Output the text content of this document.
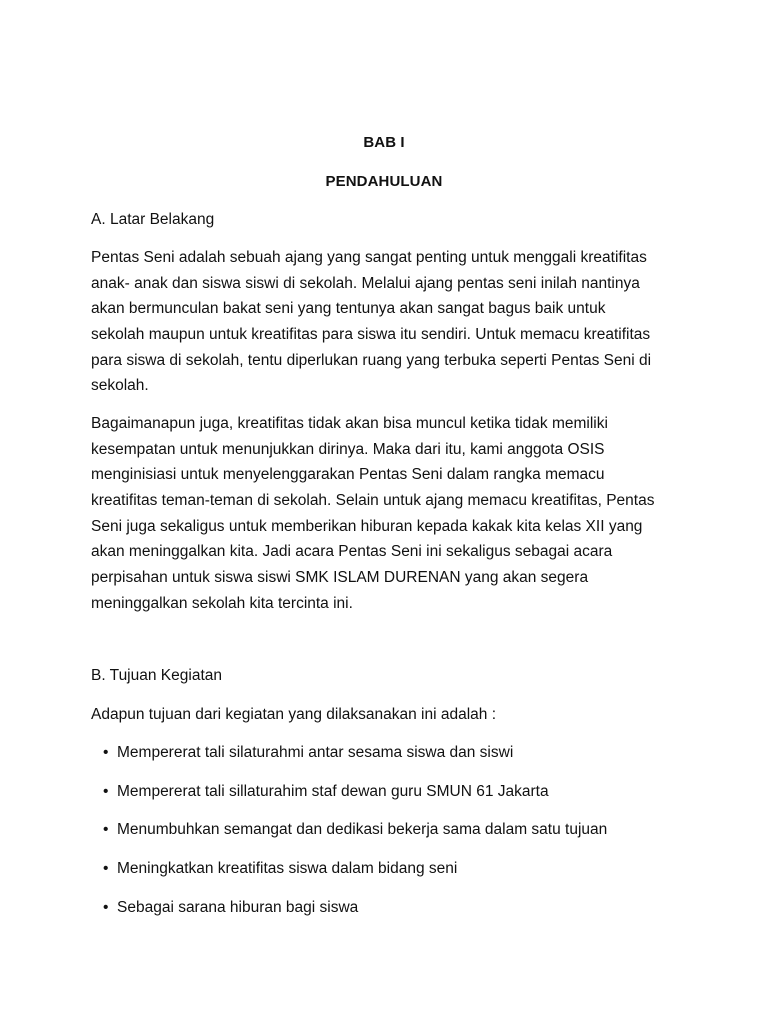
BAB I
PENDAHULUAN
A. Latar Belakang
Pentas Seni adalah sebuah ajang yang sangat penting untuk menggali kreatifitas
anak- anak dan siswa siswi di sekolah. Melalui ajang pentas seni inilah nantinya
akan bermunculan bakat seni yang tentunya akan sangat bagus baik untuk
sekolah maupun untuk kreatifitas para siswa itu sendiri. Untuk memacu kreatifitas
para siswa di sekolah, tentu diperlukan ruang yang terbuka seperti Pentas Seni di
sekolah.
Bagaimanapun juga, kreatifitas tidak akan bisa muncul ketika tidak memiliki
kesempatan untuk menunjukkan dirinya. Maka dari itu, kami anggota OSIS
menginisiasi untuk menyelenggarakan Pentas Seni dalam rangka memacu
kreatifitas teman-teman di sekolah. Selain untuk ajang memacu kreatifitas, Pentas
Seni juga sekaligus untuk memberikan hiburan kepada kakak kita kelas XII yang
akan meninggalkan kita. Jadi acara Pentas Seni ini sekaligus sebagai acara
perpisahan untuk siswa siswi SMK ISLAM DURENAN yang akan segera
meninggalkan sekolah kita tercinta ini.
B. Tujuan Kegiatan
Adapun tujuan dari kegiatan yang dilaksanakan ini adalah :
• Mempererat tali silaturahmi antar sesama siswa dan siswi
• Mempererat tali sillaturahim staf dewan guru SMUN 61 Jakarta
• Menumbuhkan semangat dan dedikasi bekerja sama dalam satu tujuan
• Meningkatkan kreatifitas siswa dalam bidang seni
• Sebagai sarana hiburan bagi siswa
